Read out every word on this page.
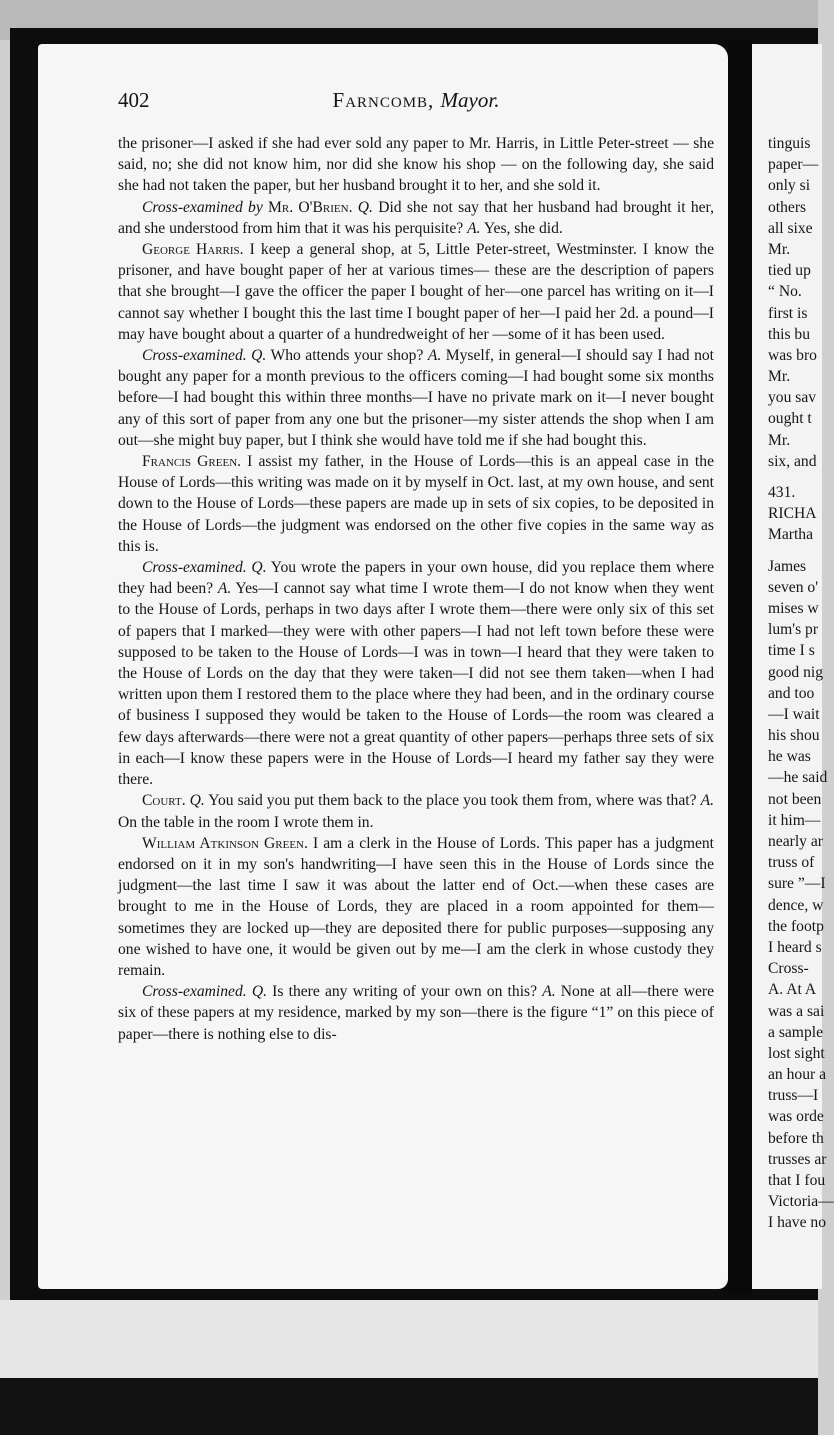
402	Farncomb, Mayor.

the prisoner—I asked if she had ever sold any paper to Mr. Harris, in Little Peter-street — she said, no; she did not know him, nor did she know his shop — on the following day, she said she had not taken the paper, but her husband brought it to her, and she sold it.

Cross-examined by Mr. O'Brien. Q. Did she not say that her husband had brought it her, and she understood from him that it was his perquisite? A. Yes, she did.

George Harris. I keep a general shop, at 5, Little Peter-street, Westminster. I know the prisoner, and have bought paper of her at various times— these are the description of papers that she brought—I gave the officer the paper I bought of her—one parcel has writing on it—I cannot say whether I bought this the last time I bought paper of her—I paid her 2d. a pound—I may have bought about a quarter of a hundredweight of her —some of it has been used.

Cross-examined. Q. Who attends your shop? A. Myself, in general—I should say I had not bought any paper for a month previous to the officers coming—I had bought some six months before—I had bought this within three months—I have no private mark on it—I never bought any of this sort of paper from any one but the prisoner—my sister attends the shop when I am out—she might buy paper, but I think she would have told me if she had bought this.

Francis Green. I assist my father, in the House of Lords—this is an appeal case in the House of Lords—this writing was made on it by myself in Oct. last, at my own house, and sent down to the House of Lords—these papers are made up in sets of six copies, to be deposited in the House of Lords—the judgment was endorsed on the other five copies in the same way as this is.

Cross-examined. Q. You wrote the papers in your own house, did you replace them where they had been? A. Yes—I cannot say what time I wrote them—I do not know when they went to the House of Lords, perhaps in two days after I wrote them—there were only six of this set of papers that I marked—they were with other papers—I had not left town before these were supposed to be taken to the House of Lords—I was in town—I heard that they were taken to the House of Lords on the day that they were taken—I did not see them taken—when I had written upon them I restored them to the place where they had been, and in the ordinary course of business I supposed they would be taken to the House of Lords—the room was cleared a few days afterwards—there were not a great quantity of other papers—perhaps three sets of six in each—I know these papers were in the House of Lords—I heard my father say they were there.

Court. Q. You said you put them back to the place you took them from, where was that? A. On the table in the room I wrote them in.

William Atkinson Green. I am a clerk in the House of Lords. This paper has a judgment endorsed on it in my son's handwriting—I have seen this in the House of Lords since the judgment—the last time I saw it was about the latter end of Oct.—when these cases are brought to me in the House of Lords, they are placed in a room appointed for them—sometimes they are locked up—they are deposited there for public purposes—supposing any one wished to have one, it would be given out by me—I am the clerk in whose custody they remain.

Cross-examined. Q. Is there any writing of your own on this? A. None at all—there were six of these papers at my residence, marked by my son—there is the figure “1” on this piece of paper—there is nothing else to dis-

tinguis
paper—
only si
others
all sixe
Mr.
tied up
“ No.
first is
this bu
was bro
Mr.
you sav
ought t
Mr.
six, and
431.
RICHA
Martha
James
seven o'
mises w
lum's pr
time I s
good nig
and too
—I wait
his shou
he was
—he said
not been
it him—
nearly ar
truss of
sure ”—I
dence, w
the footp
I heard s
Cross-
A. At A
was a sai
a sample
lost sight
an hour a
truss—I
was orde
before th
trusses ar
that I fou
Victoria—
I have no
